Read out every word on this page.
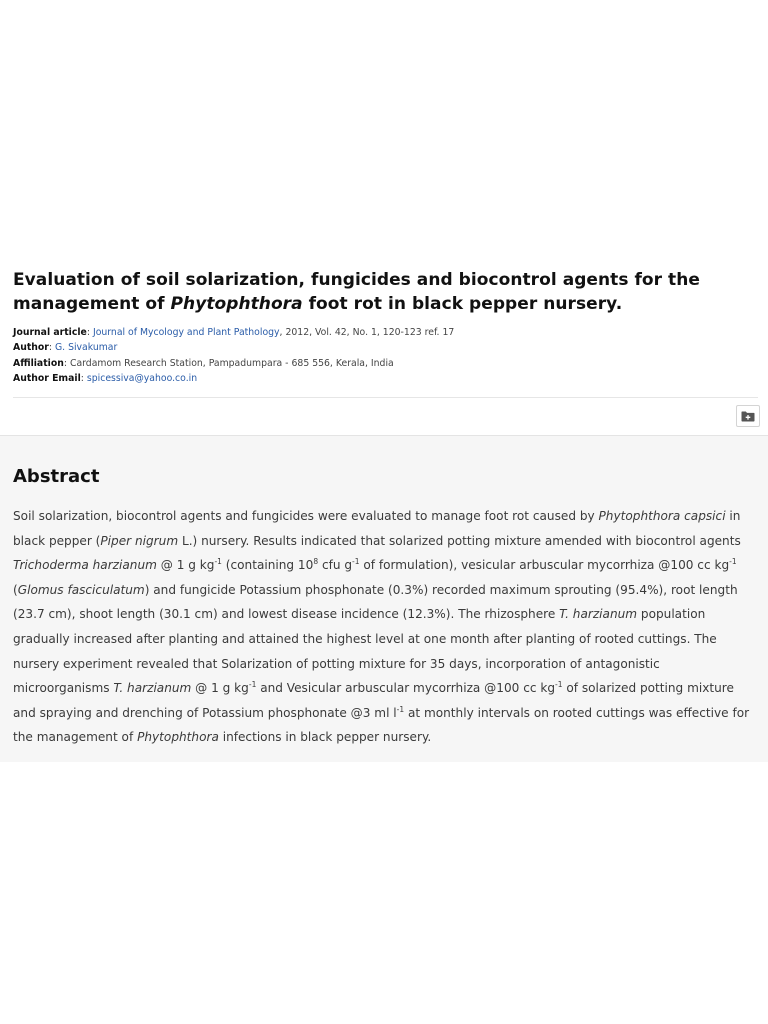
Evaluation of soil solarization, fungicides and biocontrol agents for the management of Phytophthora foot rot in black pepper nursery.
Journal article: Journal of Mycology and Plant Pathology, 2012, Vol. 42, No. 1, 120-123 ref. 17
Author: G. Sivakumar
Affiliation: Cardamom Research Station, Pampadumpara - 685 556, Kerala, India
Author Email: spicessiva@yahoo.co.in
Abstract

Soil solarization, biocontrol agents and fungicides were evaluated to manage foot rot caused by Phytophthora capsici in black pepper (Piper nigrum L.) nursery. Results indicated that solarized potting mixture amended with biocontrol agents Trichoderma harzianum @ 1 g $kg^{-1}$ (containing $10^8$ cfu $g^{-1}$ of formulation), vesicular arbuscular mycorrhiza @100 cc $kg^{-1}$ (Glomus fasciculatum) and fungicide Potassium phosphonate (0.3%) recorded maximum sprouting (95.4%), root length (23.7 cm), shoot length (30.1 cm) and lowest disease incidence (12.3%). The rhizosphere T. harzianum population gradually increased after planting and attained the highest level at one month after planting of rooted cuttings. The nursery experiment revealed that Solarization of potting mixture for 35 days, incorporation of antagonistic microorganisms T. harzianum @ 1 g $kg^{-1}$ and Vesicular arbuscular mycorrhiza @100 cc $kg^{-1}$ of solarized potting mixture and spraying and drenching of Potassium phosphonate @3 ml $l^{-1}$ at monthly intervals on rooted cuttings was effective for the management of Phytophthora infections in black pepper nursery.
